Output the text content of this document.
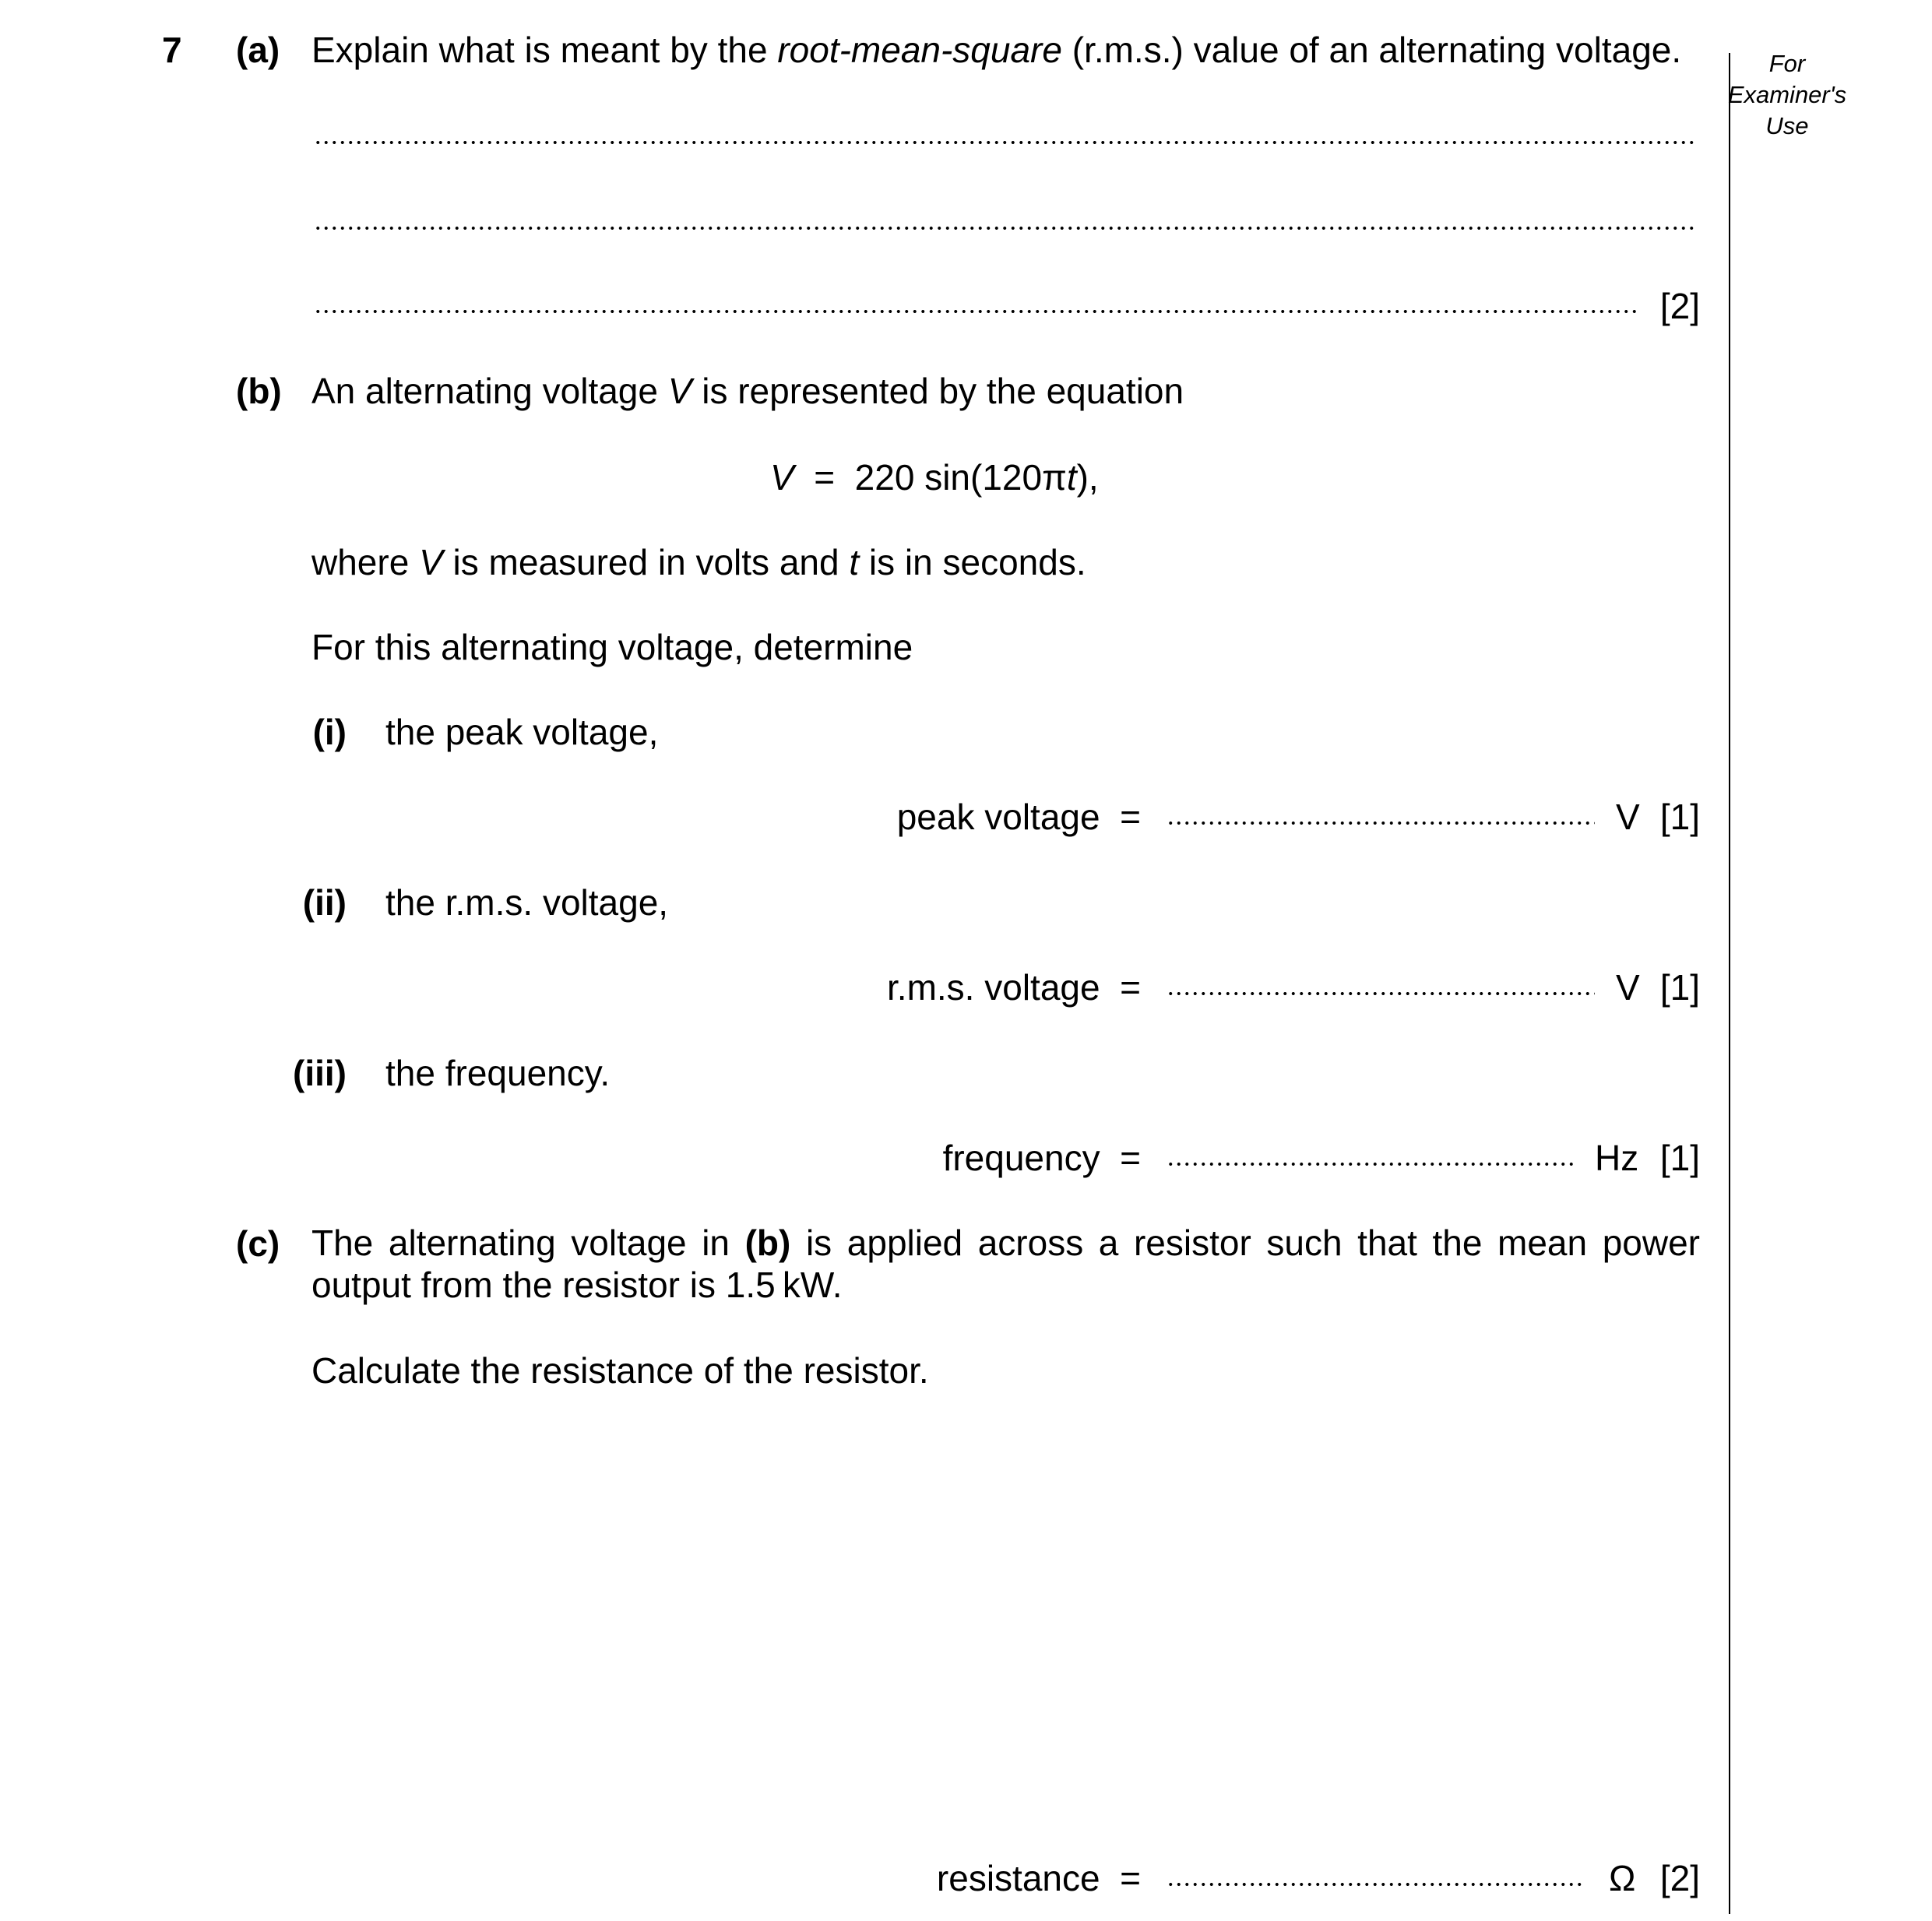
For
Examiner's
Use
7 (a) Explain what is meant by the root-mean-square (r.m.s.) value of an alternating voltage.
[2]
(b) An alternating voltage V is represented by the equation
V  =  220 sin(120πt),
where V is measured in volts and t is in seconds.
For this alternating voltage, determine
(i) the peak voltage,
peak voltage  =	V [1]
(ii) the r.m.s. voltage,
r.m.s. voltage  =	V [1]
(iii) the frequency.
frequency  =	Hz [1]
(c) The alternating voltage in (b) is applied across a resistor such that the mean power output from the resistor is 1.5 kW.
Calculate the resistance of the resistor.
resistance  =	Ω [2]
